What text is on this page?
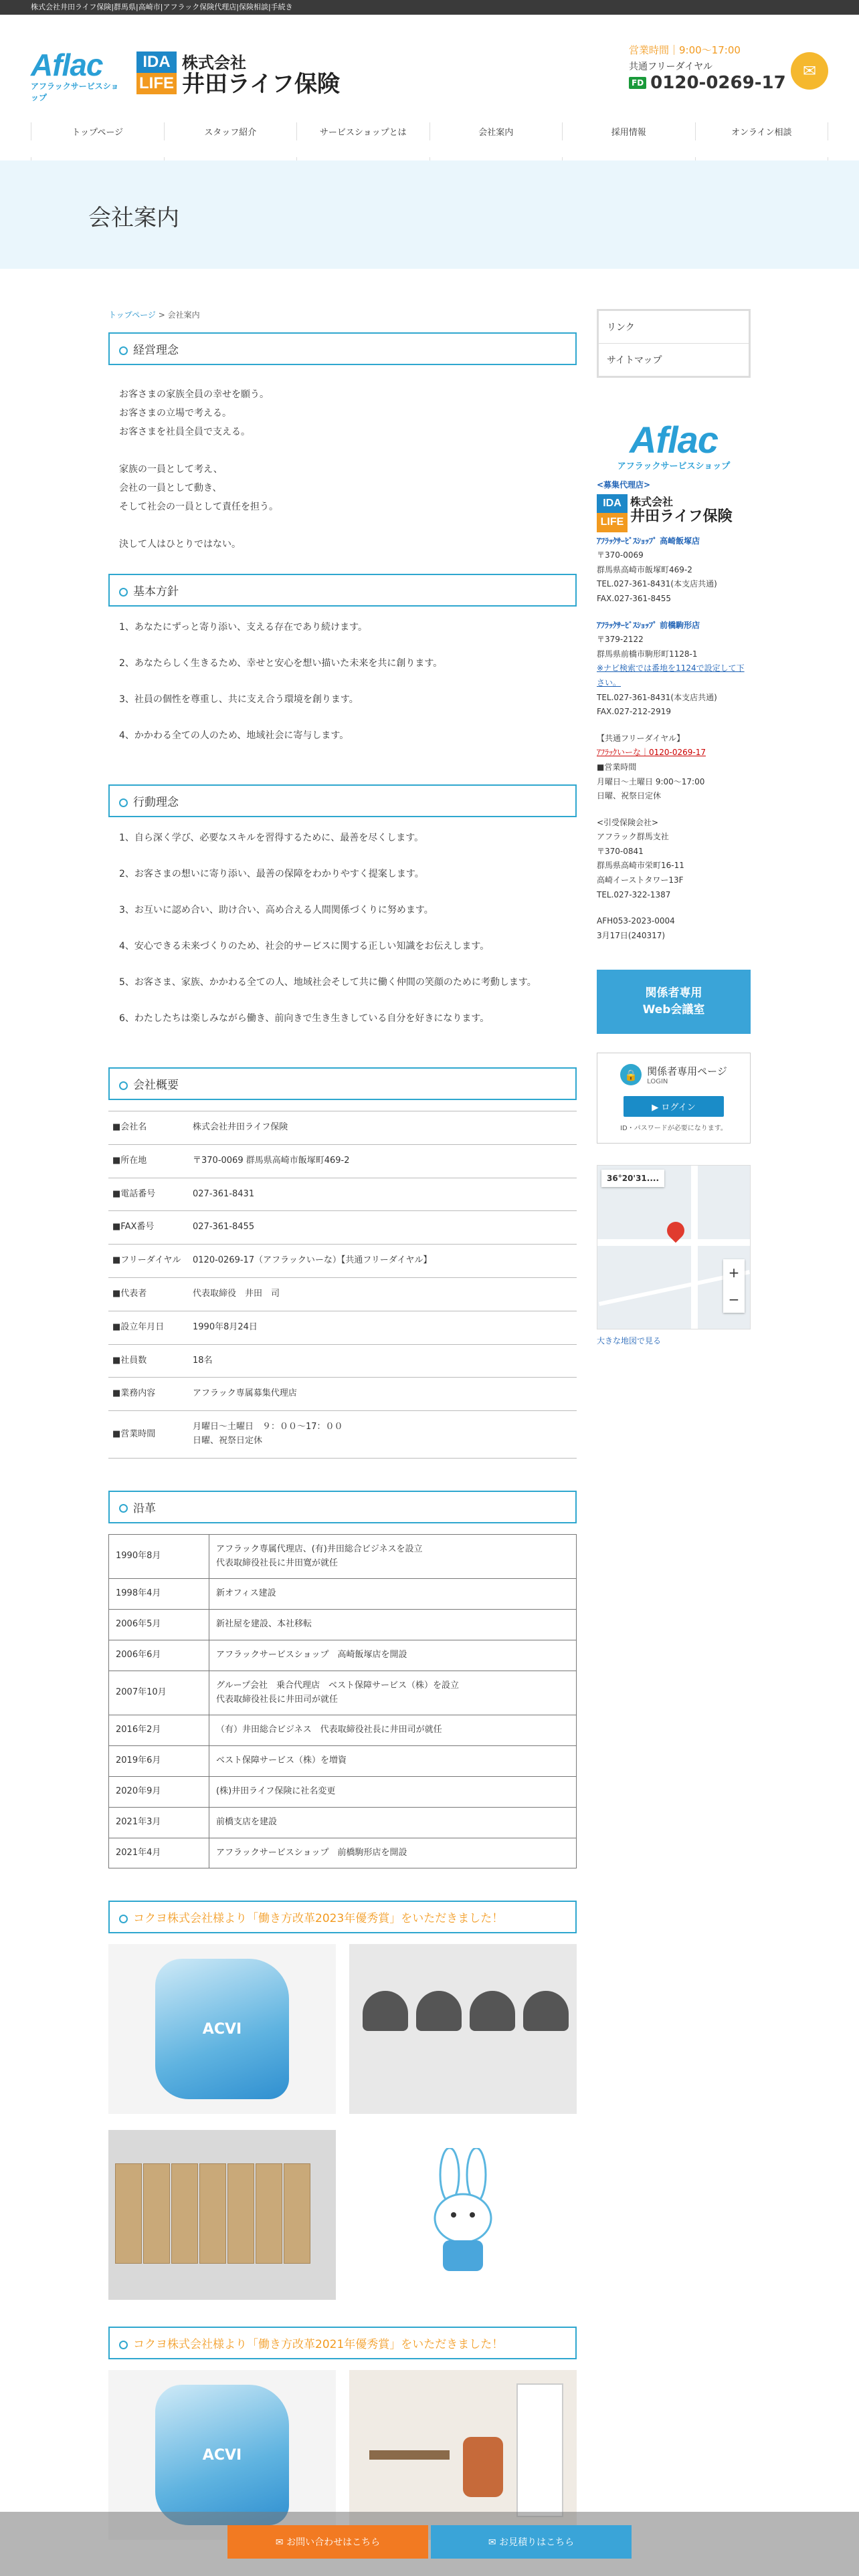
株式会社井田ライフ保険|群馬県|高崎市|アフラック保険代理店|保険相談|手続き
Aflac
アフラックサービスショップ
IDA
LIFE
株式会社
井田ライフ保険
営業時間｜9:00～17:00
共通フリーダイヤル
FD 0120-0269-17
✉
トップページ	スタッフ紹介	サービスショップとは	会社案内	採用情報	オンライン相談
会社案内
トップページ > 会社案内
経営理念

お客さまの家族全員の幸せを願う。
お客さまの立場で考える。
お客さまを社員全員で支える。

家族の一員として考え、
会社の一員として動き、
そして社会の一員として責任を担う。

決して人はひとりではない。

基本方針
1、あなたにずっと寄り添い、支える存在であり続けます。
2、あなたらしく生きるため、幸せと安心を想い描いた未来を共に創ります。
3、社員の個性を尊重し、共に支え合う環境を創ります。
4、かかわる全ての人のため、地域社会に寄与します。
行動理念
1、自ら深く学び、必要なスキルを習得するために、最善を尽くします。
2、お客さまの想いに寄り添い、最善の保障をわかりやすく提案します。
3、お互いに認め合い、助け合い、高め合える人間関係づくりに努めます。
4、安心できる未来づくりのため、社会的サービスに関する正しい知識をお伝えします。
5、お客さま、家族、かかわる全ての人、地域社会そして共に働く仲間の笑顔のために考動します。
6、わたしたちは楽しみながら働き、前向きで生き生きしている自分を好きになります。
会社概要
■会社名	株式会社井田ライフ保険
■所在地	〒370-0069 群馬県高崎市飯塚町469-2
■電話番号	027-361-8431
■FAX番号	027-361-8455
■フリーダイヤル	0120-0269-17（アフラックいーな）【共通フリーダイヤル】
■代表者	代表取締役　井田　司
■設立年月日	1990年8月24日
■社員数	18名
■業務内容	アフラック専属募集代理店
■営業時間	月曜日～土曜日　９：００～17：００
日曜、祝祭日定休
沿革
1990年8月	アフラック専属代理店、(有)井田総合ビジネスを設立
代表取締役社長に井田寛が就任
1998年4月	新オフィス建設
2006年5月	新社屋を建設、本社移転
2006年6月	アフラックサービスショップ　高崎飯塚店を開設
2007年10月	グループ会社　乗合代理店　ベスト保障サービス（株）を設立
代表取締役社長に井田司が就任
2016年2月	（有）井田総合ビジネス　代表取締役社長に井田司が就任
2019年6月	ベスト保障サービス（株）を増資
2020年9月	(株)井田ライフ保険に社名変更
2021年3月	前橋支店を建設
2021年4月	アフラックサービスショップ　前橋駒形店を開設
コクヨ株式会社様より「働き方改革2023年優秀賞」をいただきました！
ACVI
コクヨ株式会社様より「働き方改革2021年優秀賞」をいただきました！
ACVI
リンク
サイトマップ
Aflac
アフラックサービスショップ
<募集代理店>
IDA
LIFE
株式会社
井田ライフ保険
ｱﾌﾗｯｸｻｰﾋﾞｽｼｮｯﾌﾟ 高崎飯塚店
〒370-0069
群馬県高崎市飯塚町469-2
TEL.027-361-8431(本支店共通)
FAX.027-361-8455
ｱﾌﾗｯｸｻｰﾋﾞｽｼｮｯﾌﾟ 前橋駒形店
〒379-2122
群馬県前橋市駒形町1128-1
※ナビ検索では番地を1124で設定して下さい。
TEL.027-361-8431(本支店共通)
FAX.027-212-2919
【共通フリーダイヤル】
ｱﾌﾗｯｸいーな｜0120-0269-17
■営業時間
月曜日～土曜日 9:00～17:00
日曜、祝祭日定休
<引受保険会社>
アフラック群馬支社
〒370-0841
群馬県高崎市栄町16-11
高崎イーストタワー13F
TEL.027-322-1387
AFH053-2023-0004
3月17日(240317)
関係者専用
Web会議室
🔒 関係者専用ページ
LOGIN
▶ ログイン
ID・パスワードが必要になります。
36°20'31....
+
−
大きな地図で見る
✉ お問い合わせはこちら	✉ お見積りはこちら
